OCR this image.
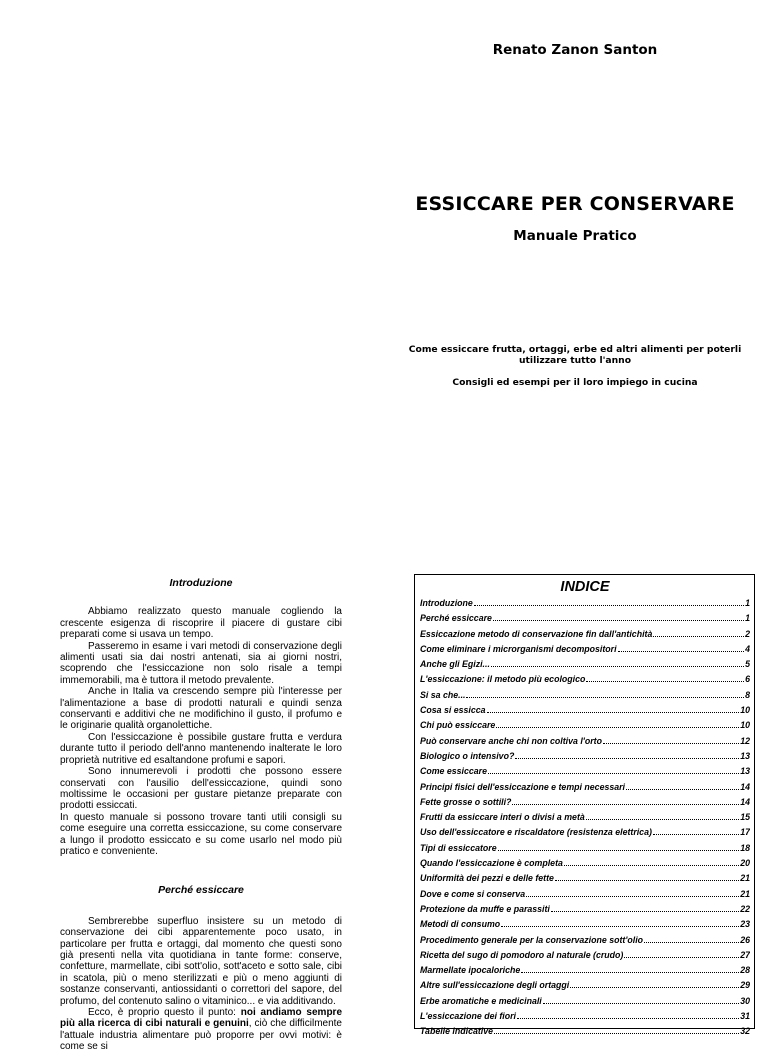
Renato Zanon Santon
ESSICCARE PER CONSERVARE
Manuale Pratico
Come essiccare frutta, ortaggi, erbe ed altri alimenti per poterli utilizzare tutto l'anno
Consigli ed esempi per il loro impiego in cucina
Introduzione

Abbiamo realizzato questo manuale cogliendo la crescente esigenza di riscoprire il piacere di gustare cibi preparati come si usava un tempo.

Passeremo in esame i vari metodi di conservazione degli alimenti usati sia dai nostri antenati, sia ai giorni nostri, scoprendo che l'essiccazione non solo risale a tempi immemorabili, ma è tuttora il metodo prevalente.

Anche in Italia va crescendo sempre più l'interesse per l'alimentazione a base di prodotti naturali e quindi senza conservanti e additivi che ne modifichino il gusto, il profumo e le originarie qualità organolettiche.

Con l'essiccazione è possibile gustare frutta e verdura durante tutto il periodo dell'anno mantenendo inalterate le loro proprietà nutritive ed esaltandone profumi e sapori.

Sono innumerevoli i prodotti che possono essere conservati con l'ausilio dell'essiccazione, quindi sono moltissime le occasioni per gustare pietanze preparate con prodotti essiccati.

In questo manuale si possono trovare tanti utili consigli su come eseguire una corretta essiccazione, su come conservare a lungo il prodotto essiccato e su come usarlo nel modo più pratico e conveniente.

Perché essiccare

Sembrerebbe superfluo insistere su un metodo di conservazione dei cibi apparentemente poco usato, in particolare per frutta e ortaggi, dal momento che questi sono già presenti nella vita quotidiana in tante forme: conserve, confetture, marmellate, cibi sott'olio, sott'aceto e sotto sale, cibi in scatola, più o meno sterilizzati e più o meno aggiunti di sostanze conservanti, antiossidanti o correttori del sapore, del profumo, del contenuto salino o vitaminico... e via additivando.

Ecco, è proprio questo il punto: noi andiamo sempre più alla ricerca di cibi naturali e genuini, ciò che difficilmente l'attuale industria alimentare può proporre per ovvi motivi: è come se si

INDICE
Introduzione	1
Perché essiccare	1
Essiccazione metodo di conservazione fin dall'antichità	2
Come eliminare i microrganismi decompositori	4
Anche gli Egizi...	5
L'essiccazione: il metodo più ecologico	6
Si sa che...	8
Cosa si essicca	10
Chi può essiccare	10
Può conservare anche chi non coltiva l'orto	12
Biologico o intensivo?	13
Come essiccare	13
Principi fisici dell'essiccazione e tempi necessari	14
Fette grosse o sottili?	14
Frutti da essiccare interi o divisi a metà	15
Uso dell'essiccatore e riscaldatore (resistenza elettrica)	17
Tipi di essiccatore	18
Quando l'essiccazione è completa	20
Uniformità dei pezzi e delle fette	21
Dove e come si conserva	21
Protezione da muffe e parassiti	22
Metodi di consumo	23
Procedimento generale per la conservazione sott'olio	26
Ricetta del sugo di pomodoro al naturale (crudo)	27
Marmellate ipocaloriche	28
Altre sull'essiccazione degli ortaggi	29
Erbe aromatiche e medicinali	30
L'essiccazione dei fiori	31
Tabelle indicative	32
